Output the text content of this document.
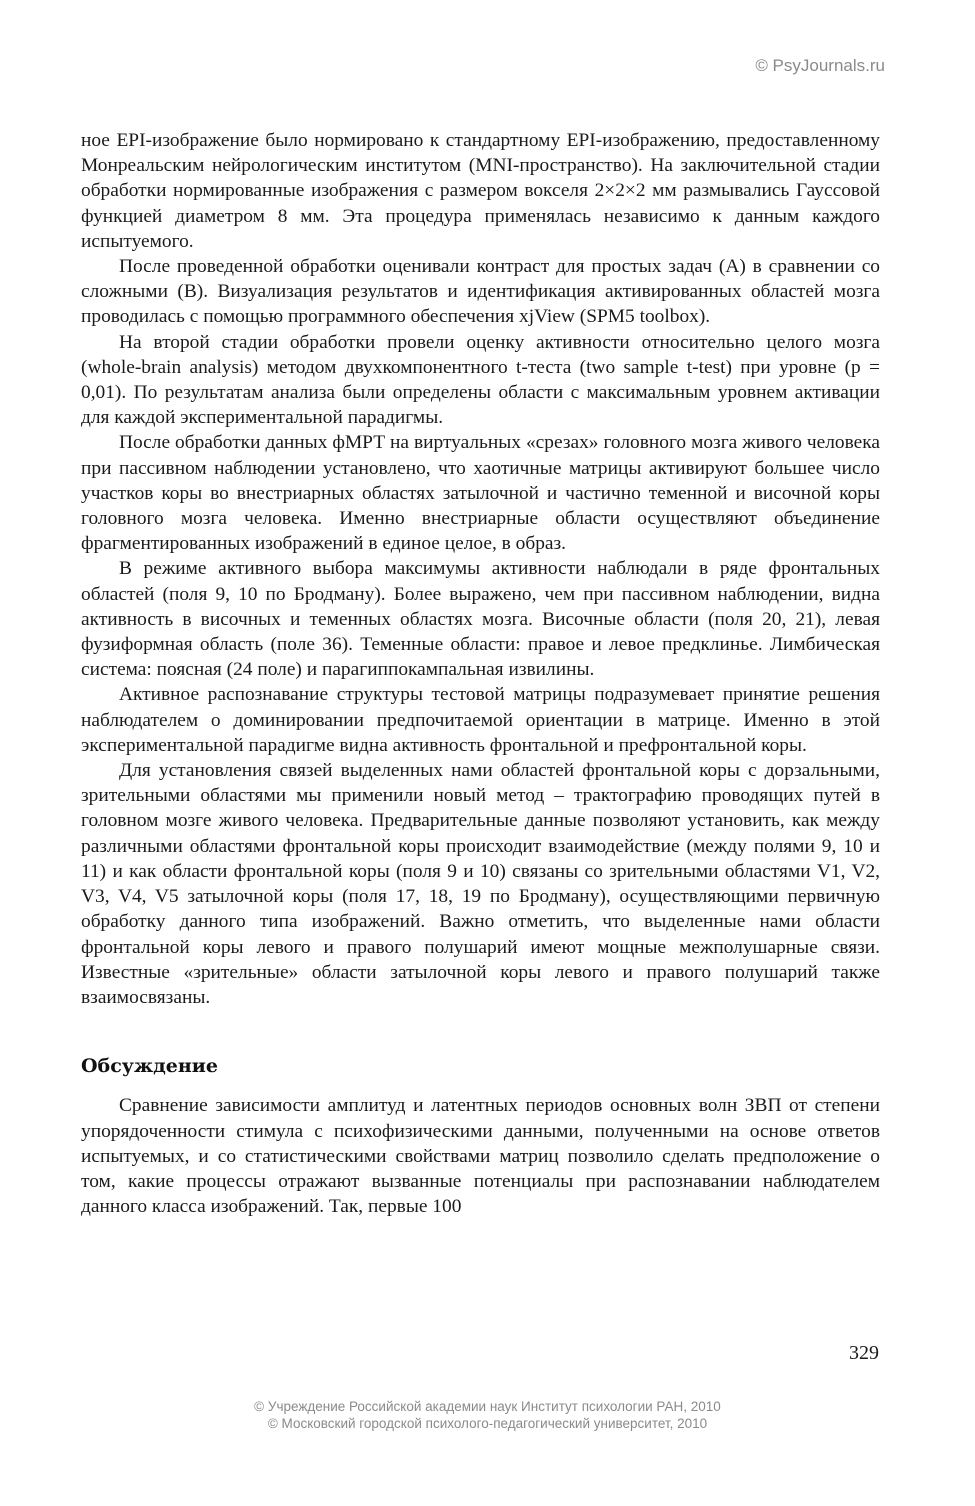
© PsyJournals.ru

ное EPI-изображение было нормировано к стандартному EPI-изображению, предоставленному Монреальским нейрологическим институтом (MNI-пространство). На заключительной стадии обработки нормированные изображения с размером вокселя 2×2×2 мм размывались Гауссовой функцией диаметром 8 мм. Эта процедура применялась независимо к данным каждого испытуемого.

После проведенной обработки оценивали контраст для простых задач (А) в сравнении со сложными (В). Визуализация результатов и идентификация активированных областей мозга проводилась с помощью программного обеспечения xjView (SPM5 toolbox).

На второй стадии обработки провели оценку активности относительно целого мозга (whole-brain analysis) методом двухкомпонентного t-теста (two sample t-test) при уровне (p = 0,01). По результатам анализа были определены области с максимальным уровнем активации для каждой экспериментальной парадигмы.

После обработки данных фМРТ на виртуальных «срезах» головного мозга живого человека при пассивном наблюдении установлено, что хаотичные матрицы активируют большее число участков коры во внестриарных областях затылочной и частично теменной и височной коры головного мозга человека. Именно внестриарные области осуществляют объединение фрагментированных изображений в единое целое, в образ.

В режиме активного выбора максимумы активности наблюдали в ряде фронтальных областей (поля 9, 10 по Бродману). Более выражено, чем при пассивном наблюдении, видна активность в височных и теменных областях мозга. Височные области (поля 20, 21), левая фузиформная область (поле 36). Теменные области: правое и левое предклинье. Лимбическая система: поясная (24 поле) и парагиппокампальная извилины.

Активное распознавание структуры тестовой матрицы подразумевает принятие решения наблюдателем о доминировании предпочитаемой ориентации в матрице. Именно в этой экспериментальной парадигме видна активность фронтальной и префронтальной коры.

Для установления связей выделенных нами областей фронтальной коры с дорзальными, зрительными областями мы применили новый метод – трактографию проводящих путей в головном мозге живого человека. Предварительные данные позволяют установить, как между различными областями фронтальной коры происходит взаимодействие (между полями 9, 10 и 11) и как области фронтальной коры (поля 9 и 10) связаны со зрительными областями V1, V2, V3, V4, V5 затылочной коры (поля 17, 18, 19 по Бродману), осуществляющими первичную обработку данного типа изображений. Важно отметить, что выделенные нами области фронтальной коры левого и правого полушарий имеют мощные межполушарные связи. Известные «зрительные» области затылочной коры левого и правого полушарий также взаимосвязаны.

Обсуждение

Сравнение зависимости амплитуд и латентных периодов основных волн ЗВП от степени упорядоченности стимула с психофизическими данными, полученными на основе ответов испытуемых, и со статистическими свойствами матриц позволило сделать предположение о том, какие процессы отражают вызванные потенциалы при распознавании наблюдателем данного класса изображений. Так, первые 100

329
© Учреждение Российской академии наук Институт психологии РАН, 2010
© Московский городской психолого-педагогический университет, 2010
